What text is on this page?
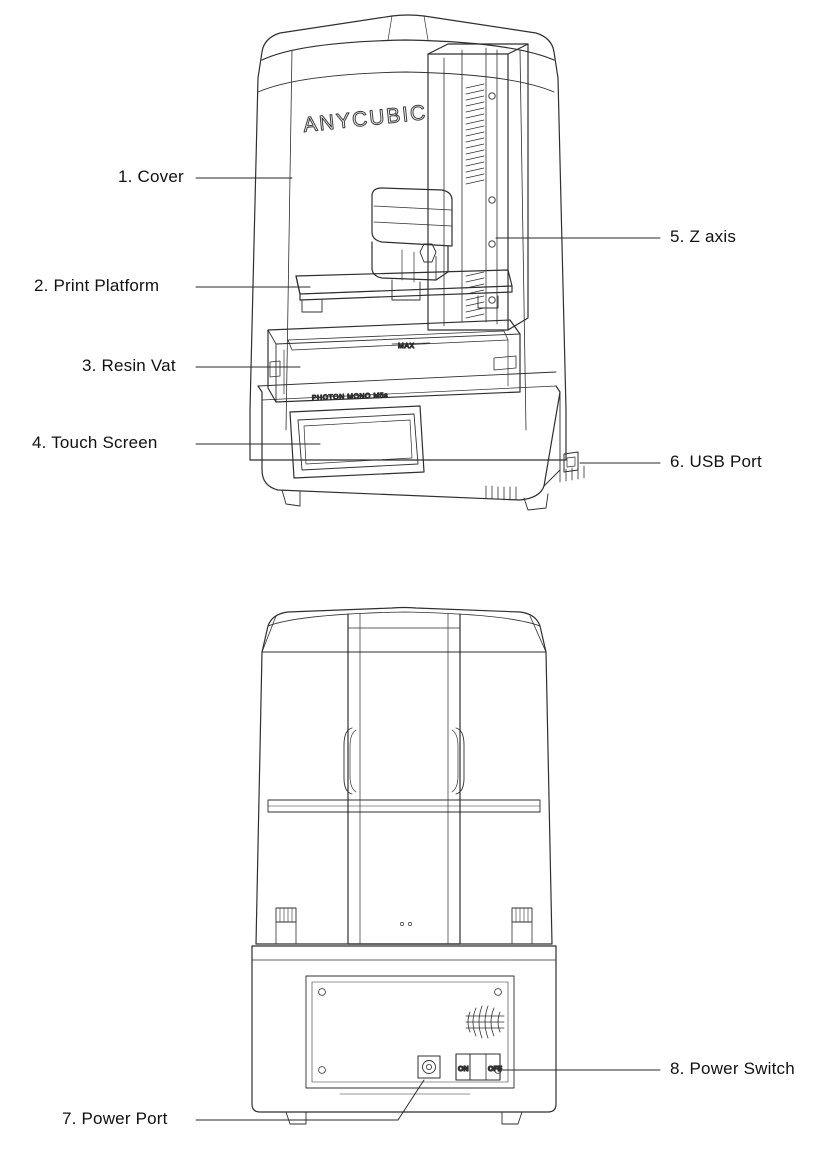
ANYCUBIC
MAX
PHOTON MONO M5s
ON	OFF
1. Cover
2. Print Platform
3. Resin Vat
4. Touch Screen
5. Z axis
6. USB Port
7. Power Port
8. Power Switch
